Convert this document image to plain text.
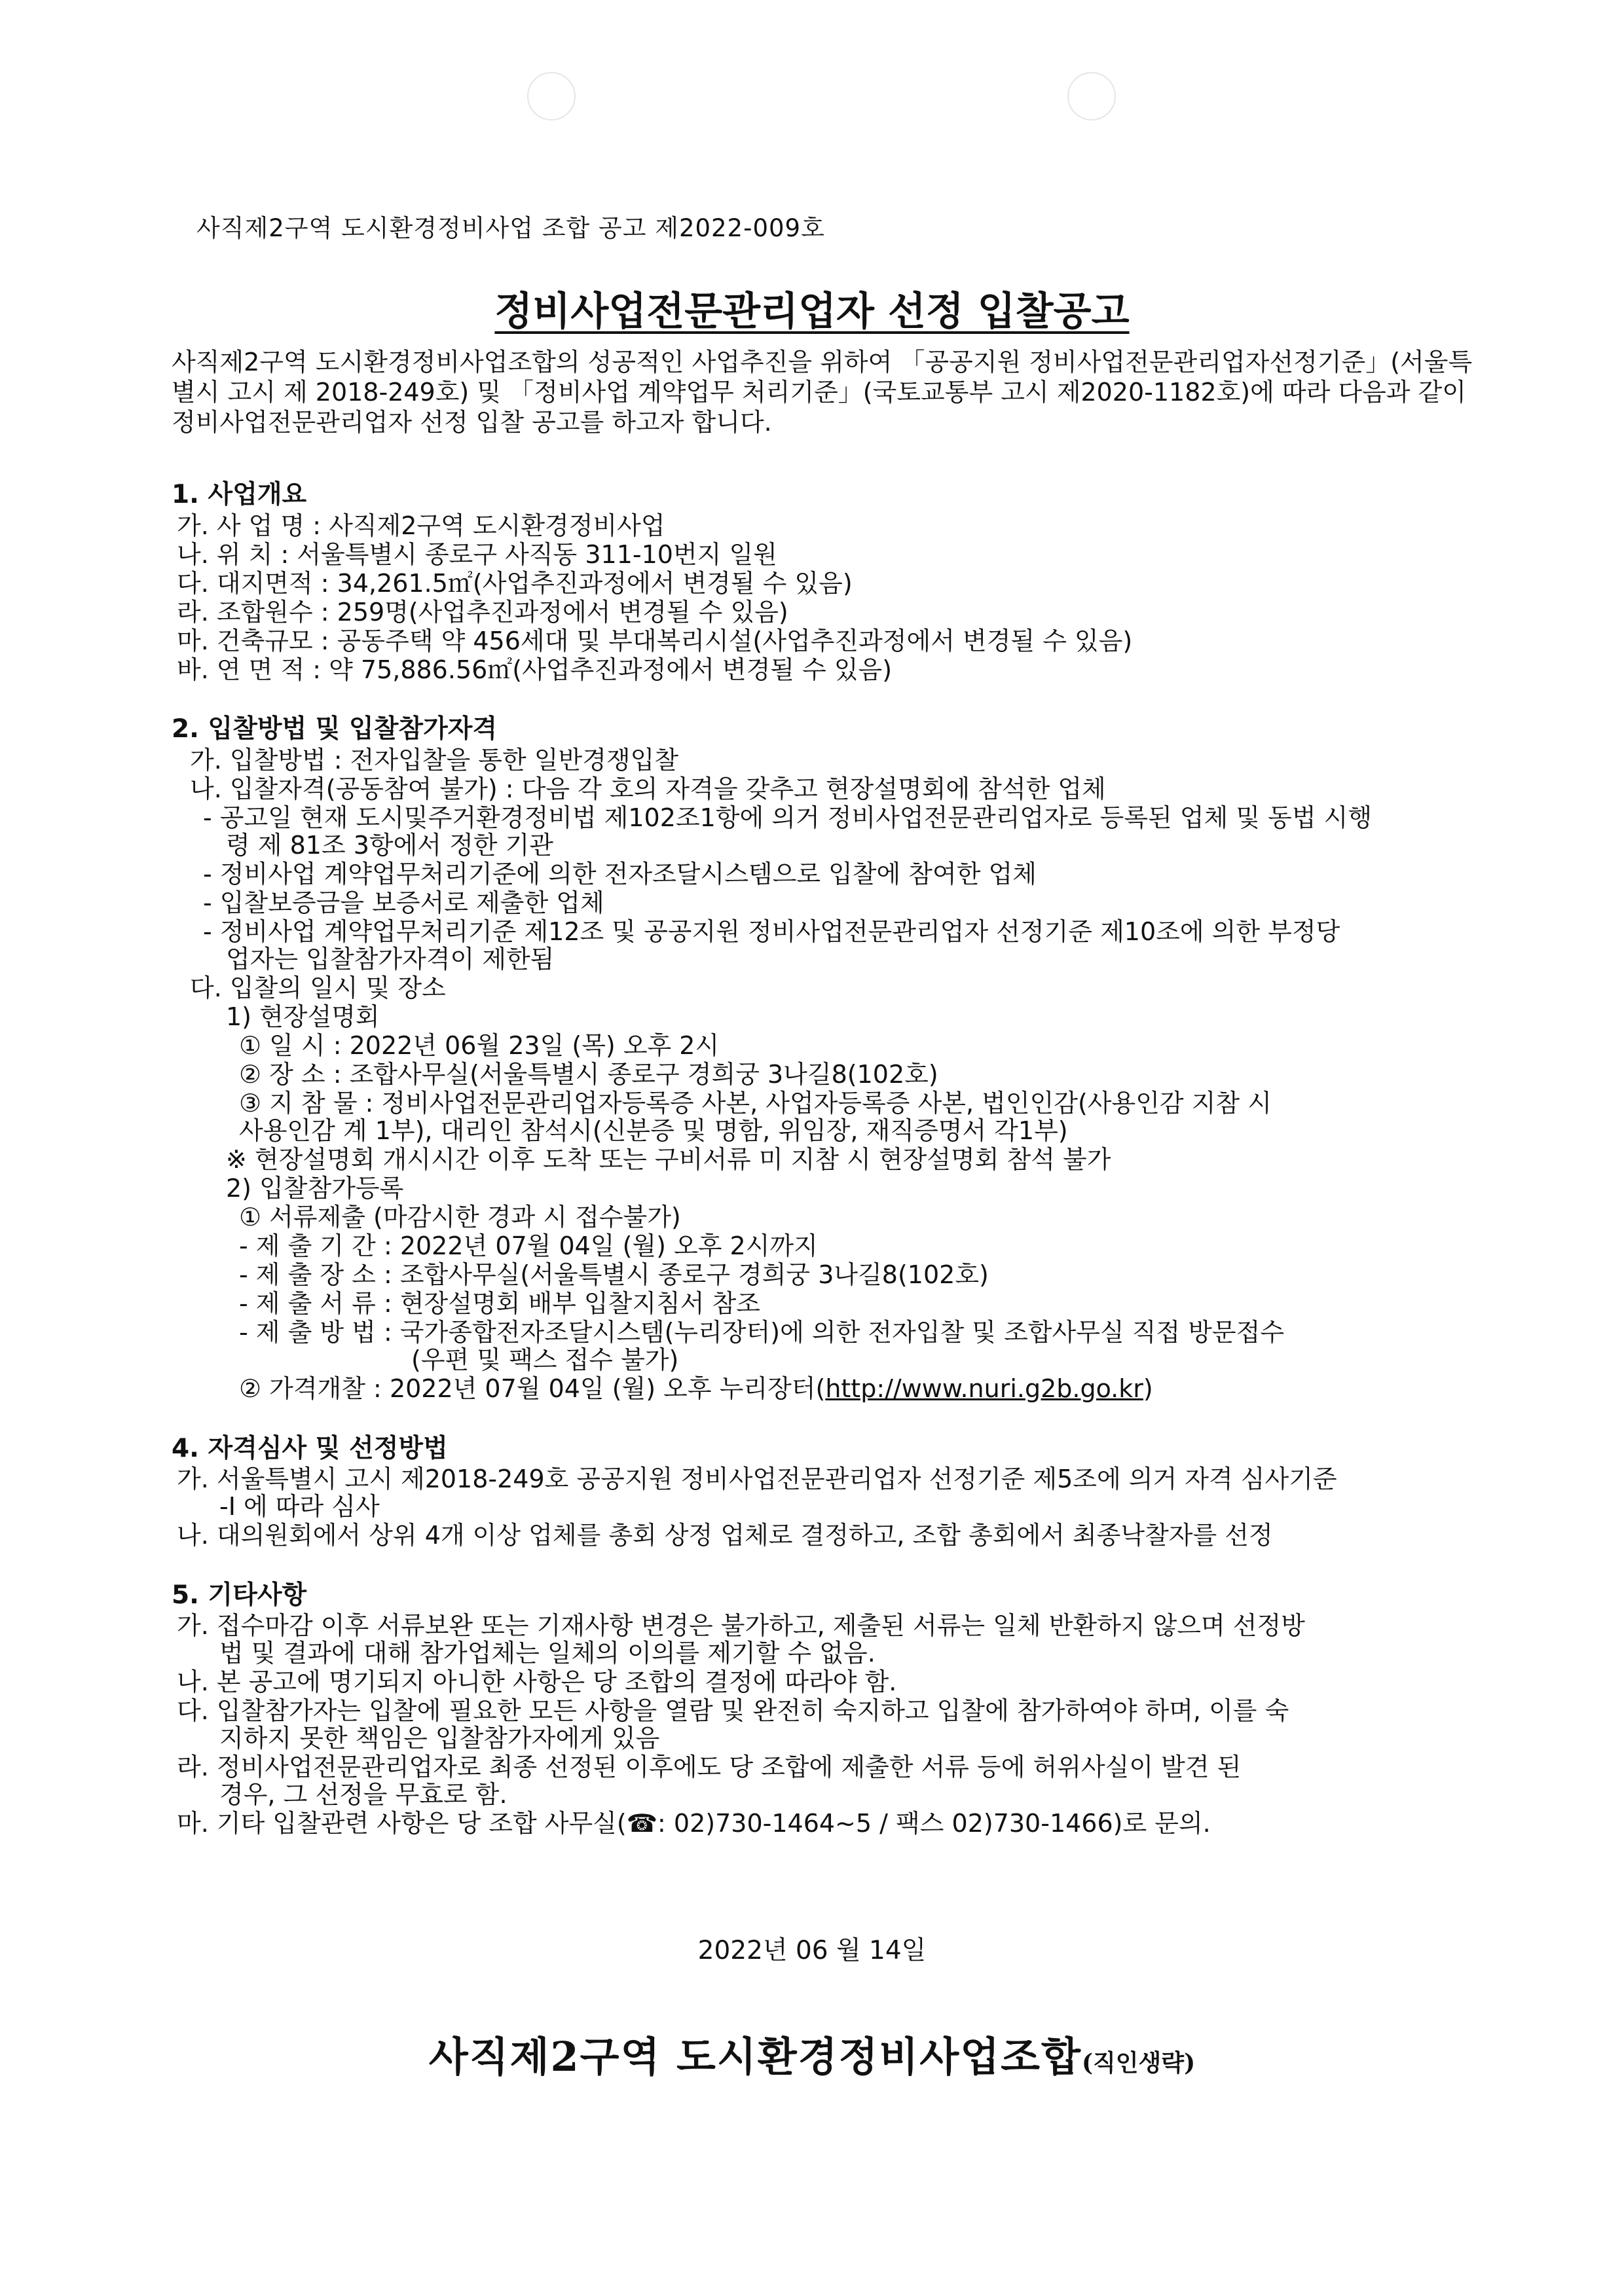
사직제2구역 도시환경정비사업 조합 공고 제2022-009호
정비사업전문관리업자 선정 입찰공고
사직제2구역 도시환경정비사업조합의 성공적인 사업추진을 위하여 「공공지원 정비사업전문관리업자선정기준」(서울특별시 고시 제 2018-249호) 및 「정비사업 계약업무 처리기준」(국토교통부 고시 제2020-1182호)에 따라 다음과 같이 정비사업전문관리업자 선정 입찰 공고를 하고자 합니다.
1. 사업개요
가. 사 업 명 : 사직제2구역 도시환경정비사업
나. 위 치 : 서울특별시 종로구 사직동 311-10번지 일원
다. 대지면적 : 34,261.5㎡(사업추진과정에서 변경될 수 있음)
라. 조합원수 : 259명(사업추진과정에서 변경될 수 있음)
마. 건축규모 : 공동주택 약 456세대 및 부대복리시설(사업추진과정에서 변경될 수 있음)
바. 연 면 적 : 약 75,886.56㎡(사업추진과정에서 변경될 수 있음)
2. 입찰방법 및 입찰참가자격
가. 입찰방법 : 전자입찰을 통한 일반경쟁입찰
나. 입찰자격(공동참여 불가) : 다음 각 호의 자격을 갖추고 현장설명회에 참석한 업체
- 공고일 현재 도시및주거환경정비법 제102조1항에 의거 정비사업전문관리업자로 등록된 업체 및 동법 시행
령 제 81조 3항에서 정한 기관
- 정비사업 계약업무처리기준에 의한 전자조달시스템으로 입찰에 참여한 업체
- 입찰보증금을 보증서로 제출한 업체
- 정비사업 계약업무처리기준 제12조 및 공공지원 정비사업전문관리업자 선정기준 제10조에 의한 부정당
업자는 입찰참가자격이 제한됨
다. 입찰의 일시 및 장소
1) 현장설명회
① 일 시 : 2022년 06월 23일 (목) 오후 2시
② 장 소 : 조합사무실(서울특별시 종로구 경희궁 3나길8(102호)
③ 지 참 물 : 정비사업전문관리업자등록증 사본, 사업자등록증 사본, 법인인감(사용인감 지참 시
사용인감 계 1부), 대리인 참석시(신분증 및 명함, 위임장, 재직증명서 각1부)
※ 현장설명회 개시시간 이후 도착 또는 구비서류 미 지참 시 현장설명회 참석 불가
2) 입찰참가등록
① 서류제출 (마감시한 경과 시 접수불가)
- 제 출 기 간 : 2022년 07월 04일 (월) 오후 2시까지
- 제 출 장 소 : 조합사무실(서울특별시 종로구 경희궁 3나길8(102호)
- 제 출 서 류 : 현장설명회 배부 입찰지침서 참조
- 제 출 방 법 : 국가종합전자조달시스템(누리장터)에 의한 전자입찰 및 조합사무실 직접 방문접수
(우편 및 팩스 접수 불가)
② 가격개찰 : 2022년 07월 04일 (월) 오후 누리장터(http://www.nuri.g2b.go.kr)
4. 자격심사 및 선정방법
가. 서울특별시 고시 제2018-249호 공공지원 정비사업전문관리업자 선정기준 제5조에 의거 자격 심사기준
-Ⅰ 에 따라 심사
나. 대의원회에서 상위 4개 이상 업체를 총회 상정 업체로 결정하고, 조합 총회에서 최종낙찰자를 선정
5. 기타사항
가. 접수마감 이후 서류보완 또는 기재사항 변경은 불가하고, 제출된 서류는 일체 반환하지 않으며 선정방
법 및 결과에 대해 참가업체는 일체의 이의를 제기할 수 없음.
나. 본 공고에 명기되지 아니한 사항은 당 조합의 결정에 따라야 함.
다. 입찰참가자는 입찰에 필요한 모든 사항을 열람 및 완전히 숙지하고 입찰에 참가하여야 하며, 이를 숙
지하지 못한 책임은 입찰참가자에게 있음
라. 정비사업전문관리업자로 최종 선정된 이후에도 당 조합에 제출한 서류 등에 허위사실이 발견 된
경우, 그 선정을 무효로 함.
마. 기타 입찰관련 사항은 당 조합 사무실(☎: 02)730-1464~5 / 팩스 02)730-1466)로 문의.
2022년 06 월 14일
사직제2구역 도시환경정비사업조합(직인생략)
